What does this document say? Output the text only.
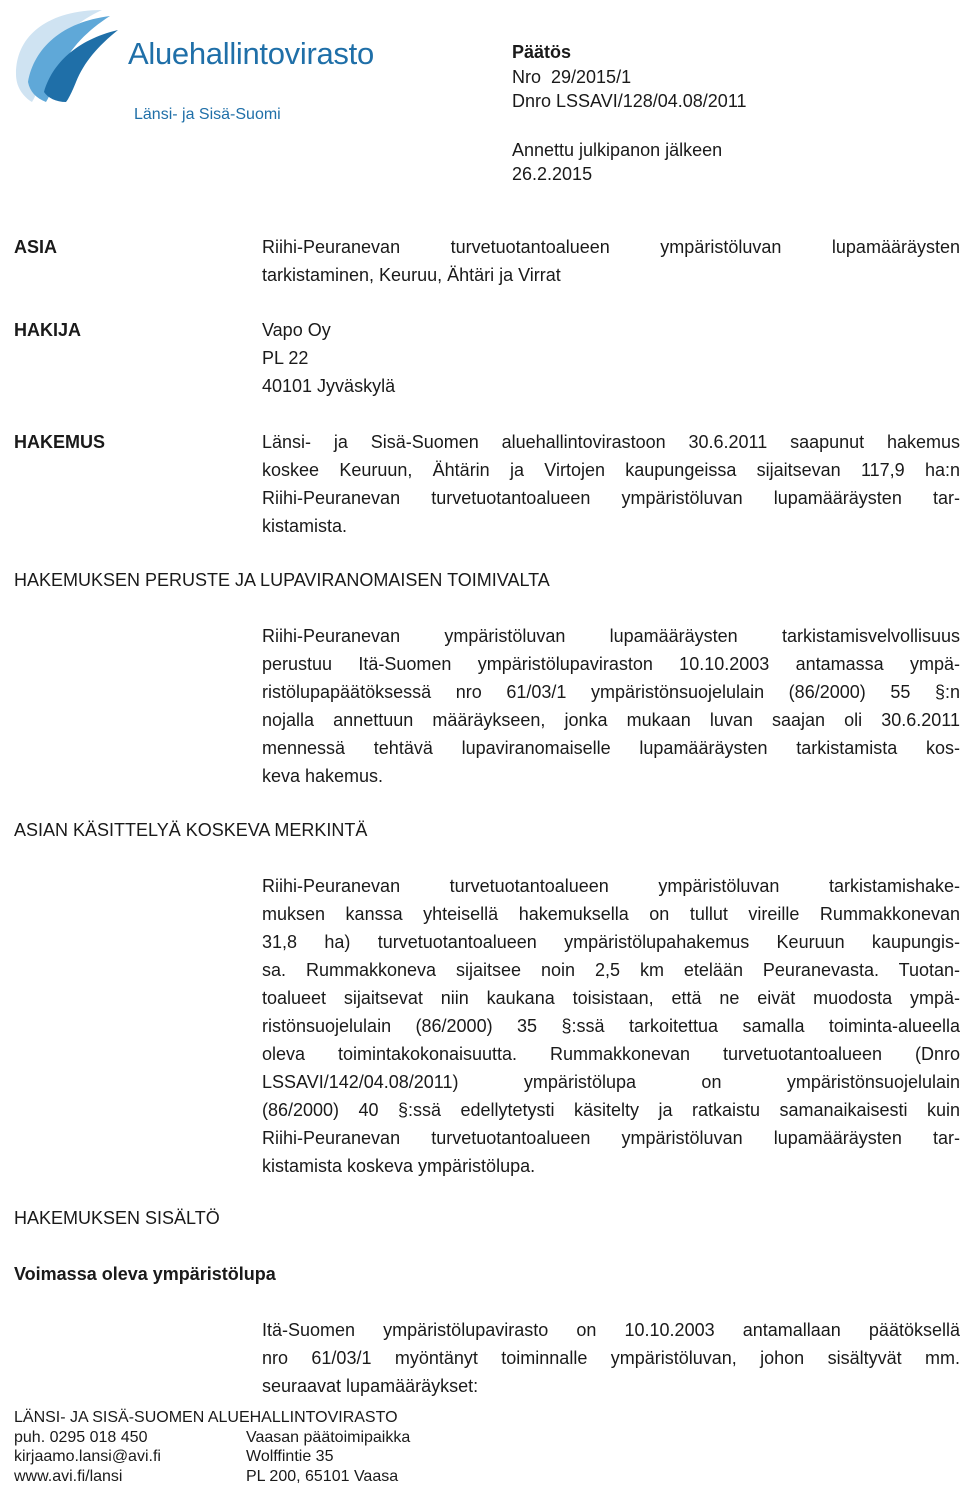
Aluehallintovirasto
Länsi- ja Sisä-Suomi
Päätös
Nro  29/2015/1
Dnro LSSAVI/128/04.08/2011
Annettu julkipanon jälkeen
26.2.2015
ASIA	Riihi-Peuranevan turvetuotantoalueen ympäristöluvan lupamääräysten
tarkistaminen, Keuruu, Ähtäri ja Virrat
HAKIJA	Vapo Oy
PL 22
40101 Jyväskylä
HAKEMUS	Länsi- ja Sisä-Suomen aluehallintovirastoon 30.6.2011 saapunut hakemus
koskee Keuruun, Ähtärin ja Virtojen kaupungeissa sijaitsevan 117,9 ha:n
Riihi-Peuranevan turvetuotantoalueen ympäristöluvan lupamääräysten tar-
kistamista.
HAKEMUKSEN PERUSTE JA LUPAVIRANOMAISEN TOIMIVALTA
Riihi-Peuranevan ympäristöluvan lupamääräysten tarkistamisvelvollisuus
perustuu Itä-Suomen ympäristölupaviraston 10.10.2003 antamassa ympä-
ristölupapäätöksessä nro 61/03/1 ympäristönsuojelulain (86/2000) 55 §:n
nojalla annettuun määräykseen, jonka mukaan luvan saajan oli 30.6.2011
mennessä tehtävä lupaviranomaiselle lupamääräysten tarkistamista kos-
keva hakemus.
ASIAN KÄSITTELYÄ KOSKEVA MERKINTÄ
Riihi-Peuranevan turvetuotantoalueen ympäristöluvan tarkistamishake-
muksen kanssa yhteisellä hakemuksella on tullut vireille Rummakkonevan
31,8 ha) turvetuotantoalueen ympäristölupahakemus Keuruun kaupungis-
sa. Rummakkoneva sijaitsee noin 2,5 km etelään Peuranevasta. Tuotan-
toalueet sijaitsevat niin kaukana toisistaan, että ne eivät muodosta ympä-
ristönsuojelulain (86/2000) 35 §:ssä tarkoitettua samalla toiminta-alueella
oleva toimintakokonaisuutta. Rummakkonevan turvetuotantoalueen (Dnro
LSSAVI/142/04.08/2011) ympäristölupa on ympäristönsuojelulain
(86/2000) 40 §:ssä edellytetysti käsitelty ja ratkaistu samanaikaisesti kuin
Riihi-Peuranevan turvetuotantoalueen ympäristöluvan lupamääräysten tar-
kistamista koskeva ympäristölupa.
HAKEMUKSEN SISÄLTÖ
Voimassa oleva ympäristölupa
Itä-Suomen ympäristölupavirasto on 10.10.2003 antamallaan päätöksellä
nro 61/03/1 myöntänyt toiminnalle ympäristöluvan, johon sisältyvät mm.
seuraavat lupamääräykset:
LÄNSI- JA SISÄ-SUOMEN ALUEHALLINTOVIRASTO
puh. 0295 018 450
kirjaamo.lansi@avi.fi
www.avi.fi/lansi
Vaasan päätoimipaikka
Wolffintie 35
PL 200, 65101 Vaasa
